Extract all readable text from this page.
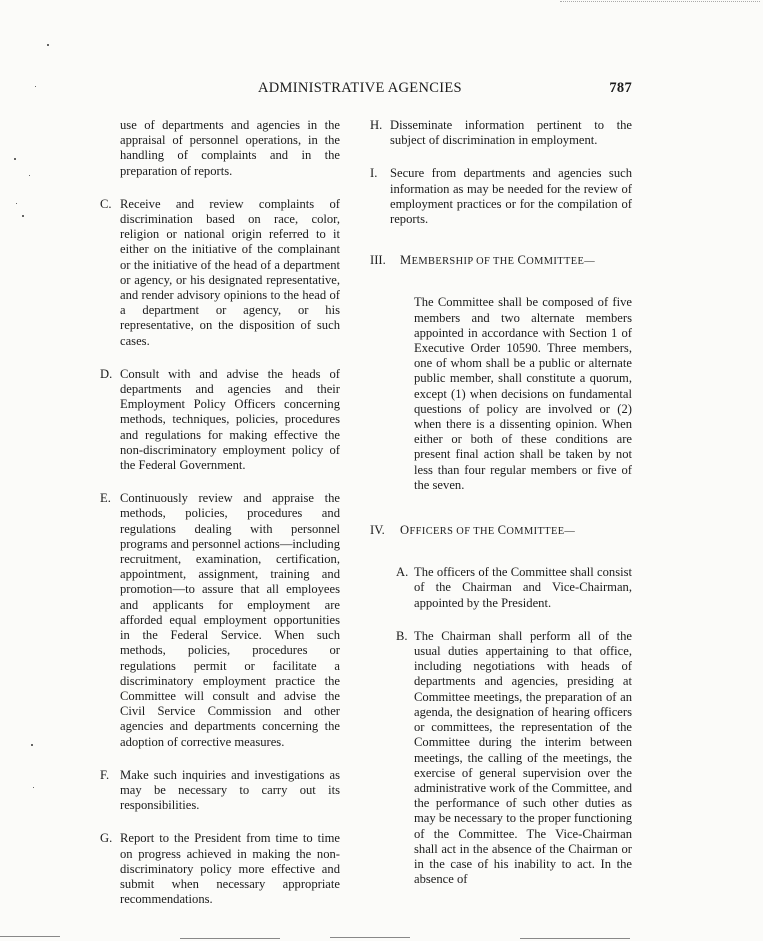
ADMINISTRATIVE AGENCIES	787
use of departments and agencies in the appraisal of personnel operations, in the handling of complaints and in the preparation of reports.
C. Receive and review complaints of discrimination based on race, color, religion or national origin referred to it either on the initiative of the complainant or the initiative of the head of a department or agency, or his designated representative, and render advisory opinions to the head of a department or agency, or his representative, on the disposition of such cases.
D. Consult with and advise the heads of departments and agencies and their Employment Policy Officers concerning methods, techniques, policies, procedures and regulations for making effective the non-discriminatory employment policy of the Federal Government.
E. Continuously review and appraise the methods, policies, procedures and regulations dealing with personnel programs and personnel actions—including recruitment, examination, certification, appointment, assignment, training and promotion—to assure that all employees and applicants for employment are afforded equal employment opportunities in the Federal Service. When such methods, policies, procedures or regulations permit or facilitate a discriminatory employment practice the Committee will consult and advise the Civil Service Commission and other agencies and departments concerning the adoption of corrective measures.
F. Make such inquiries and investigations as may be necessary to carry out its responsibilities.
G. Report to the President from time to time on progress achieved in making the non-discriminatory policy more effective and submit when necessary appropriate recommendations.
H. Disseminate information pertinent to the subject of discrimination in employment.
I.	Secure from departments and agencies such information as may be needed for the review of employment practices or for the compilation of reports.
III.	MEMBERSHIP OF THE COMMITTEE—
The Committee shall be composed of five members and two alternate members appointed in accordance with Section 1 of Executive Order 10590. Three members, one of whom shall be a public or alternate public member, shall constitute a quorum, except (1) when decisions on fundamental questions of policy are involved or (2) when there is a dissenting opinion. When either or both of these conditions are present final action shall be taken by not less than four regular members or five of the seven.
IV.	OFFICERS OF THE COMMITTEE—
A. The officers of the Committee shall consist of the Chairman and Vice-Chairman, appointed by the President.
B. The Chairman shall perform all of the usual duties appertaining to that office, including negotiations with heads of departments and agencies, presiding at Committee meetings, the preparation of an agenda, the designation of hearing officers or committees, the representation of the Committee during the interim between meetings, the calling of the meetings, the exercise of general supervision over the administrative work of the Committee, and the performance of such other duties as may be necessary to the proper functioning of the Committee. The Vice-Chairman shall act in the absence of the Chairman or in the case of his inability to act. In the absence of
